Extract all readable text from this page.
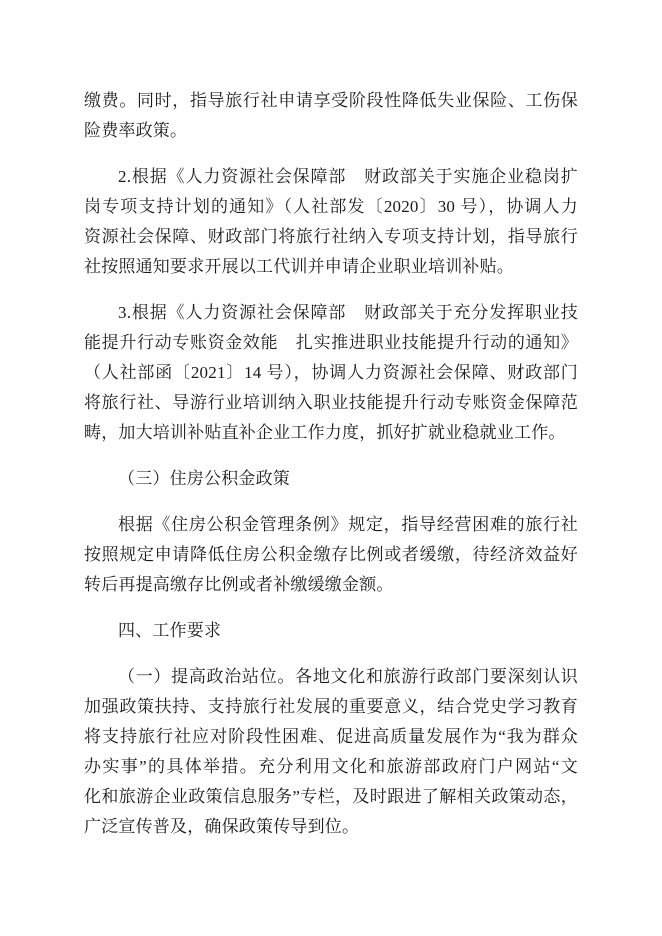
缴费。同时，指导旅行社申请享受阶段性降低失业保险、工伤保
险费率政策。
2.根据《人力资源社会保障部　财政部关于实施企业稳岗扩
岗专项支持计划的通知》（人社部发〔2020〕30 号），协调人力
资源社会保障、财政部门将旅行社纳入专项支持计划，指导旅行
社按照通知要求开展以工代训并申请企业职业培训补贴。
3.根据《人力资源社会保障部　财政部关于充分发挥职业技
能提升行动专账资金效能　扎实推进职业技能提升行动的通知》
（人社部函〔2021〕14 号），协调人力资源社会保障、财政部门
将旅行社、导游行业培训纳入职业技能提升行动专账资金保障范
畴，加大培训补贴直补企业工作力度，抓好扩就业稳就业工作。
（三）住房公积金政策
根据《住房公积金管理条例》规定，指导经营困难的旅行社
按照规定申请降低住房公积金缴存比例或者缓缴，待经济效益好
转后再提高缴存比例或者补缴缓缴金额。
四、工作要求
（一）提高政治站位。各地文化和旅游行政部门要深刻认识
加强政策扶持、支持旅行社发展的重要意义，结合党史学习教育
将支持旅行社应对阶段性困难、促进高质量发展作为“我为群众
办实事”的具体举措。充分利用文化和旅游部政府门户网站“文
化和旅游企业政策信息服务”专栏，及时跟进了解相关政策动态，
广泛宣传普及，确保政策传导到位。
